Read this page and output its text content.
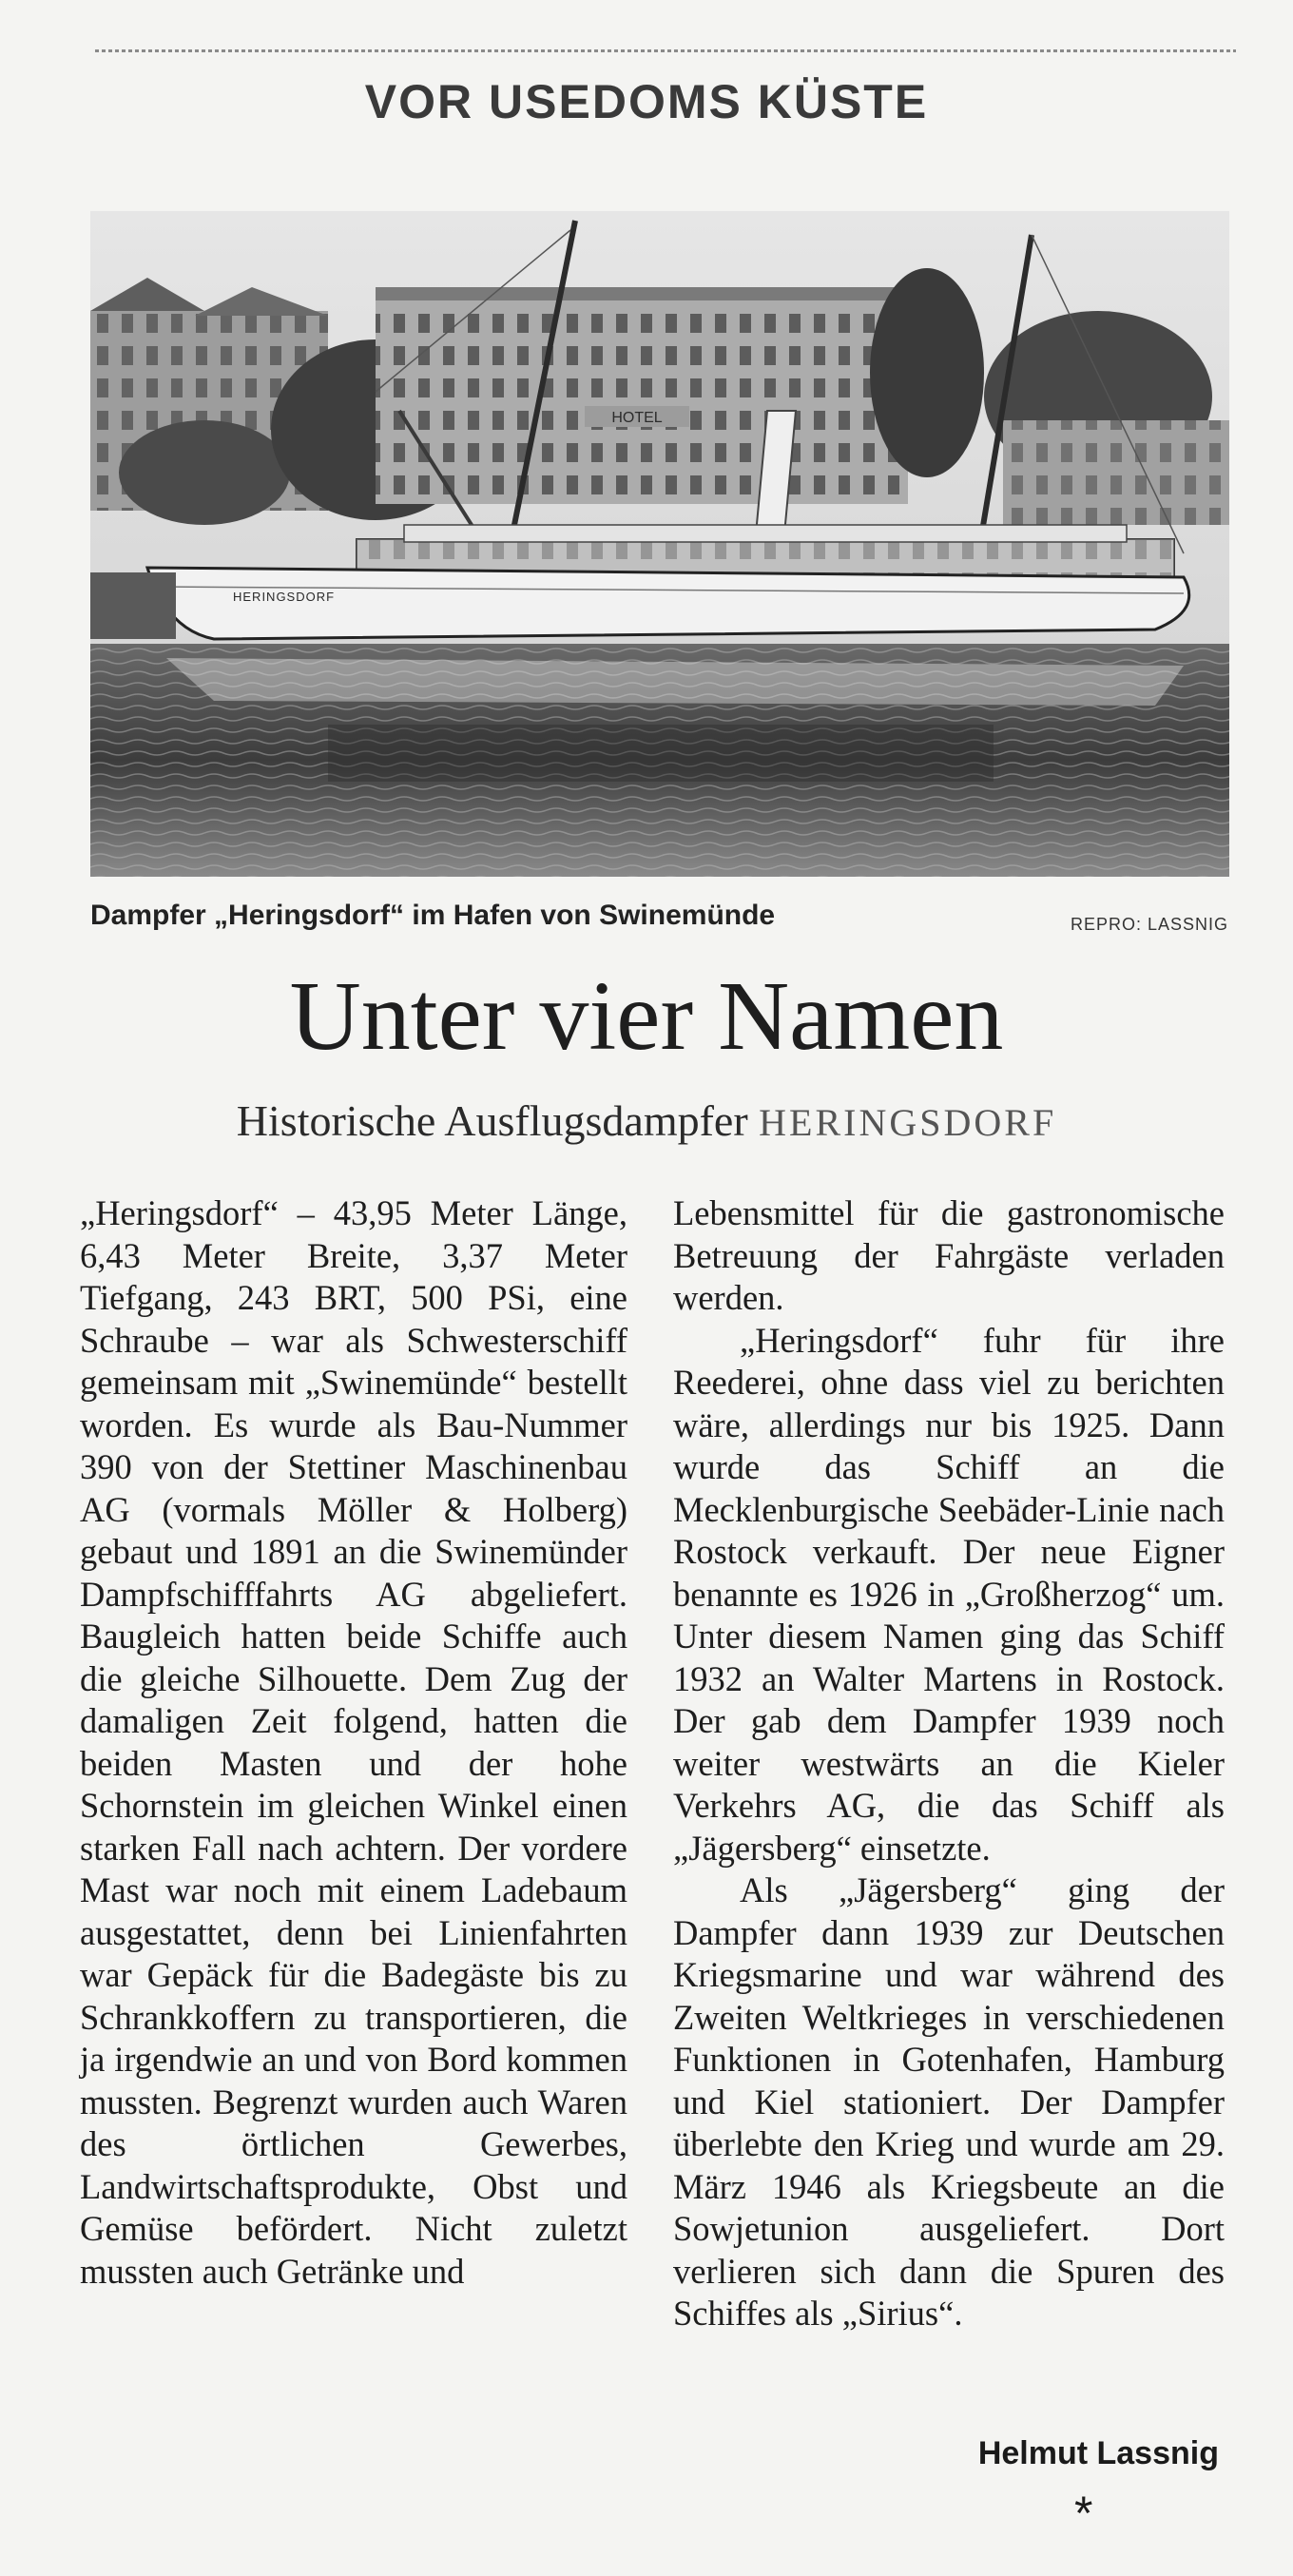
VOR USEDOMS KÜSTE
HOTEL
HERINGSDORF
Dampfer „Heringsdorf“ im Hafen von Swinemünde	REPRO: LASSNIG
Unter vier Namen
Historische Ausflugsdampfer HERINGSDORF

„Heringsdorf“ – 43,95 Meter Länge, 6,43 Meter Breite, 3,37 Meter Tiefgang, 243 BRT, 500 PSi, eine Schraube – war als Schwesterschiff gemeinsam mit „Swinemünde“ bestellt worden. Es wurde als Bau-Nummer 390 von der Stettiner Maschinenbau AG (vormals Möller & Holberg) gebaut und 1891 an die Swinemünder Dampfschifffahrts AG abgeliefert. Baugleich hatten beide Schiffe auch die gleiche Silhouette. Dem Zug der damaligen Zeit folgend, hatten die beiden Masten und der hohe Schornstein im gleichen Winkel einen starken Fall nach achtern. Der vordere Mast war noch mit einem Ladebaum ausgestattet, denn bei Linienfahrten war Gepäck für die Badegäste bis zu Schrankkoffern zu transportieren, die ja irgendwie an und von Bord kommen mussten. Begrenzt wurden auch Waren des örtlichen Gewerbes, Landwirtschaftsprodukte, Obst und Gemüse befördert. Nicht zuletzt mussten auch Getränke und

Lebensmittel für die gastronomische Betreuung der Fahrgäste verladen werden.

„Heringsdorf“ fuhr für ihre Reederei, ohne dass viel zu berichten wäre, allerdings nur bis 1925. Dann wurde das Schiff an die Mecklenburgische Seebäder-Linie nach Rostock verkauft. Der neue Eigner benannte es 1926 in „Großherzog“ um. Unter diesem Namen ging das Schiff 1932 an Walter Martens in Rostock. Der gab dem Dampfer 1939 noch weiter westwärts an die Kieler Verkehrs AG, die das Schiff als „Jägersberg“ einsetzte.

Als „Jägersberg“ ging der Dampfer dann 1939 zur Deutschen Kriegsmarine und war während des Zweiten Weltkrieges in verschiedenen Funktionen in Gotenhafen, Hamburg und Kiel stationiert. Der Dampfer überlebte den Krieg und wurde am 29. März 1946 als Kriegsbeute an die Sowjetunion ausgeliefert. Dort verlieren sich dann die Spuren des Schiffes als „Sirius“.

Helmut Lassnig
*
